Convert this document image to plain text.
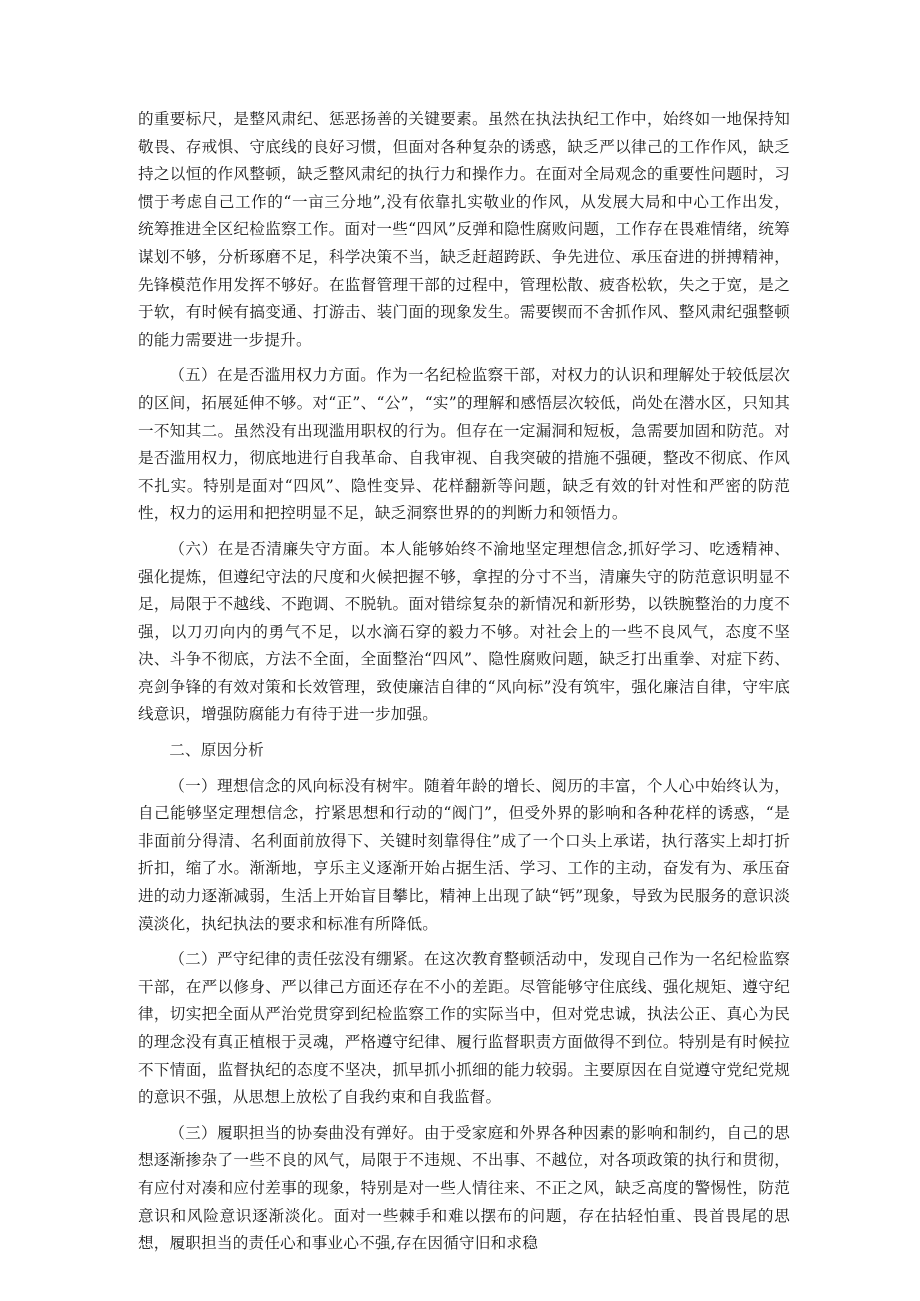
的重要标尺，是整风肃纪、惩恶扬善的关键要素。虽然在执法执纪工作中，始终如一地保持知敬畏、存戒惧、守底线的良好习惯，但面对各种复杂的诱惑，缺乏严以律己的工作作风，缺乏持之以恒的作风整顿，缺乏整风肃纪的执行力和操作力。在面对全局观念的重要性问题时，习惯于考虑自己工作的“一亩三分地”,没有依靠扎实敬业的作风，从发展大局和中心工作出发，统筹推进全区纪检监察工作。面对一些“四风”反弹和隐性腐败问题，工作存在畏难情绪，统筹谋划不够，分析琢磨不足，科学决策不当，缺乏赶超跨跃、争先进位、承压奋进的拼搏精神，先锋模范作用发挥不够好。在监督管理干部的过程中，管理松散、疲沓松软，失之于宽，是之于软，有时候有搞变通、打游击、装门面的现象发生。需要锲而不舍抓作风、整风肃纪强整顿的能力需要进一步提升。

（五）在是否滥用权力方面。作为一名纪检监察干部，对权力的认识和理解处于较低层次的区间，拓展延伸不够。对“正”、“公”，“实”的理解和感悟层次较低，尚处在潜水区，只知其一不知其二。虽然没有出现滥用职权的行为。但存在一定漏洞和短板，急需要加固和防范。对是否滥用权力，彻底地进行自我革命、自我审视、自我突破的措施不强硬，整改不彻底、作风不扎实。特别是面对“四风”、隐性变异、花样翻新等问题，缺乏有效的针对性和严密的防范性，权力的运用和把控明显不足，缺乏洞察世界的的判断力和领悟力。

（六）在是否清廉失守方面。本人能够始终不渝地坚定理想信念,抓好学习、吃透精神、强化提炼，但遵纪守法的尺度和火候把握不够，拿捏的分寸不当，清廉失守的防范意识明显不足，局限于不越线、不跑调、不脱轨。面对错综复杂的新情况和新形势，以铁腕整治的力度不强，以刀刃向内的勇气不足，以水滴石穿的毅力不够。对社会上的一些不良风气，态度不坚决、斗争不彻底，方法不全面，全面整治“四风”、隐性腐败问题，缺乏打出重拳、对症下药、亮剑争锋的有效对策和长效管理，致使廉洁自律的“风向标”没有筑牢，强化廉洁自律，守牢底线意识，增强防腐能力有待于进一步加强。

二、原因分析

（一）理想信念的风向标没有树牢。随着年龄的增长、阅历的丰富，个人心中始终认为，自己能够坚定理想信念，拧紧思想和行动的“阀门”，但受外界的影响和各种花样的诱惑，“是非面前分得清、名利面前放得下、关键时刻靠得住”成了一个口头上承诺，执行落实上却打折折扣，缩了水。渐渐地，亨乐主义逐渐开始占据生活、学习、工作的主动，奋发有为、承压奋进的动力逐渐减弱，生活上开始盲目攀比，精神上出现了缺“钙”现象，导致为民服务的意识淡漠淡化，执纪执法的要求和标准有所降低。

（二）严守纪律的责任弦没有绷紧。在这次教育整顿活动中，发现自己作为一名纪检监察干部，在严以修身、严以律己方面还存在不小的差距。尽管能够守住底线、强化规矩、遵守纪律，切实把全面从严治党贯穿到纪检监察工作的实际当中，但对党忠诚，执法公正、真心为民的理念没有真正植根于灵魂，严格遵守纪律、履行监督职责方面做得不到位。特别是有时候拉不下情面，监督执纪的态度不坚决，抓早抓小抓细的能力较弱。主要原因在自觉遵守党纪党规的意识不强，从思想上放松了自我约束和自我监督。

（三）履职担当的协奏曲没有弹好。由于受家庭和外界各种因素的影响和制约，自己的思想逐渐掺杂了一些不良的风气，局限于不违规、不出事、不越位，对各项政策的执行和贯彻，有应付对凑和应付差事的现象，特别是对一些人情往来、不正之风，缺乏高度的警惕性，防范意识和风险意识逐渐淡化。面对一些棘手和难以摆布的问题，存在拈轻怕重、畏首畏尾的思想，履职担当的责任心和事业心不强,存在因循守旧和求稳
